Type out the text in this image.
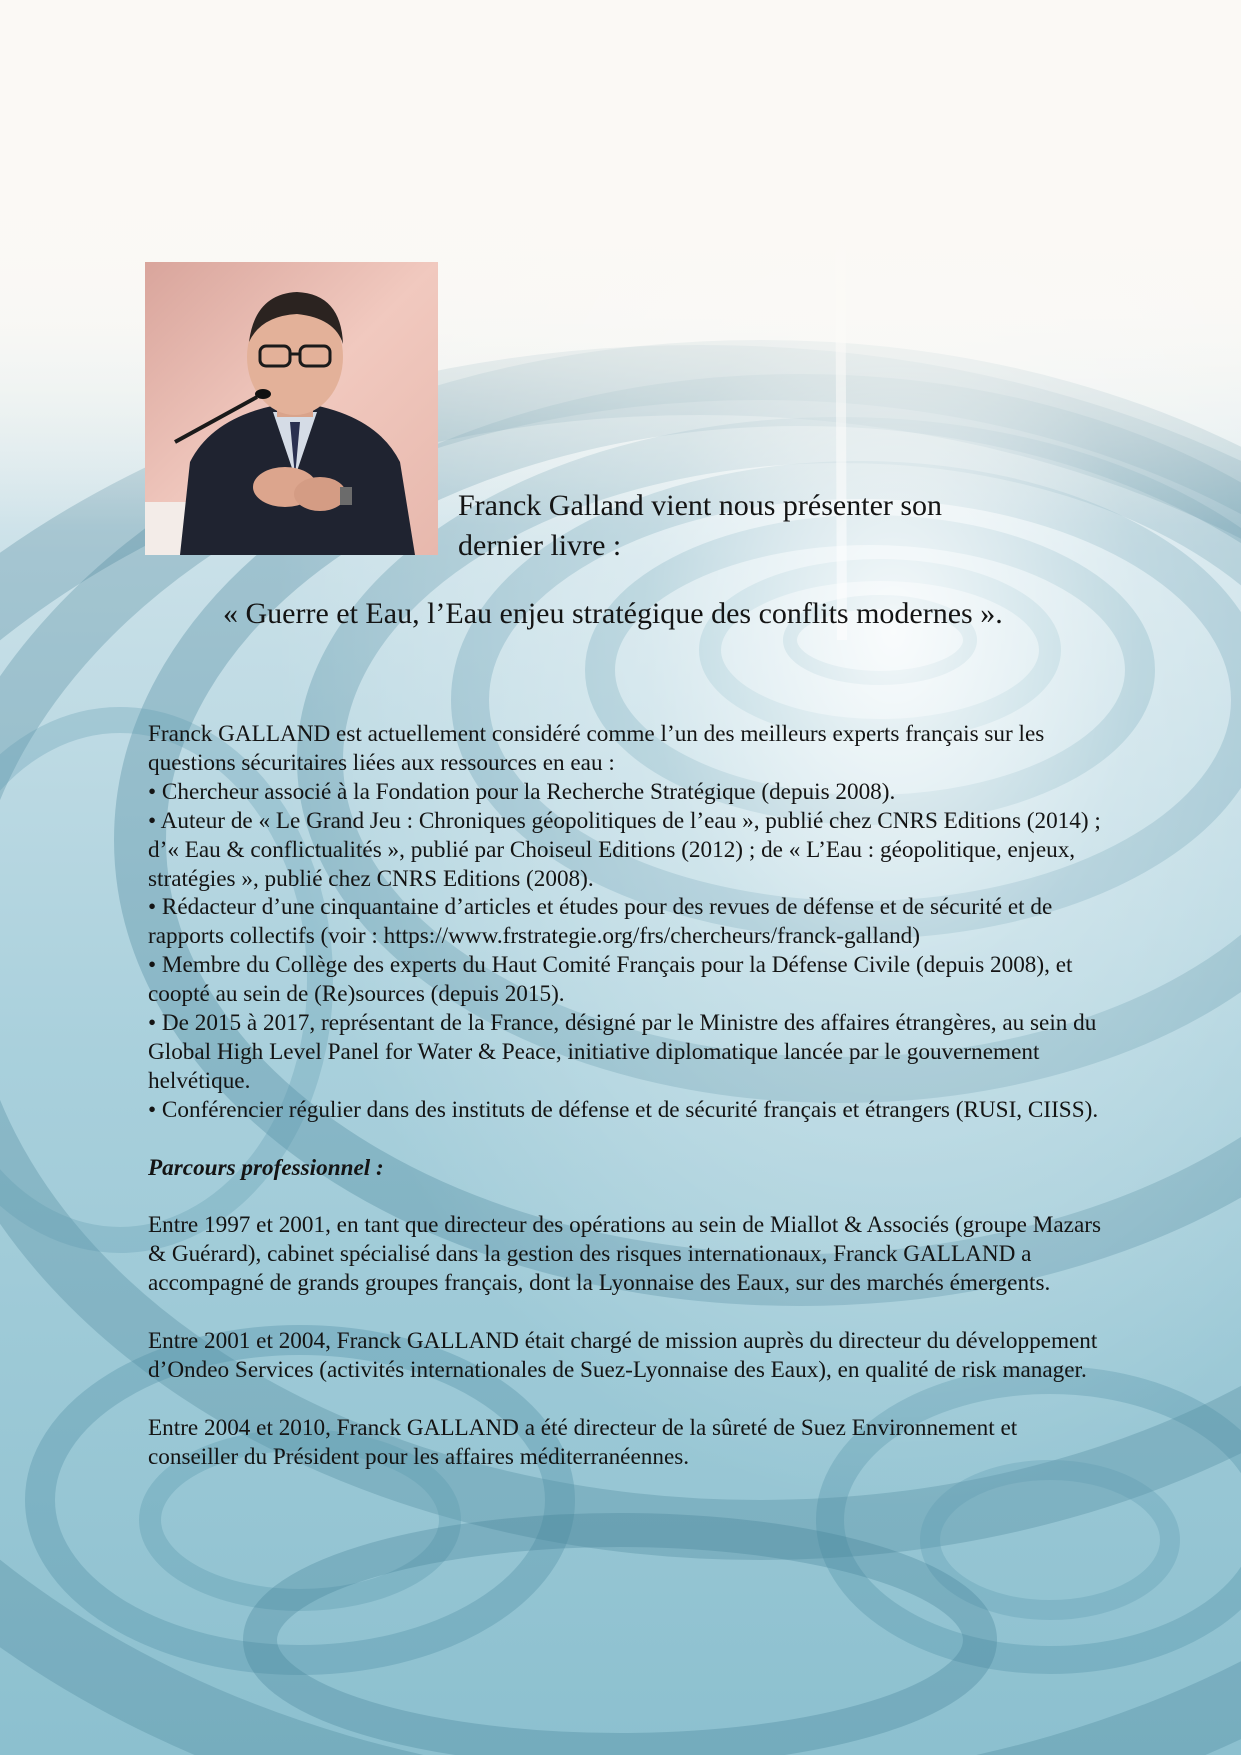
Franck Galland vient nous présenter son
dernier livre :
« Guerre et Eau, l’Eau enjeu stratégique des conflits modernes ».

Franck GALLAND est actuellement considéré comme l’un des meilleurs experts français sur les questions sécuritaires liées aux ressources en eau :

• Chercheur associé à la Fondation pour la Recherche Stratégique (depuis 2008).

• Auteur de « Le Grand Jeu : Chroniques géopolitiques de l’eau », publié chez CNRS Editions (2014) ; d’« Eau & conflictualités », publié par Choiseul Editions (2012) ; de « L’Eau : géopolitique, enjeux, stratégies », publié chez CNRS Editions (2008).

• Rédacteur d’une cinquantaine d’articles et études pour des revues de défense et de sécurité et de rapports collectifs (voir : https://www.frstrategie.org/frs/chercheurs/franck-galland)

• Membre du Collège des experts du Haut Comité Français pour la Défense Civile (depuis 2008), et coopté au sein de (Re)sources (depuis 2015).

• De 2015 à 2017, représentant de la France, désigné par le Ministre des affaires étrangères, au sein du Global High Level Panel for Water & Peace, initiative diplomatique lancée par le gouvernement helvétique.

• Conférencier régulier dans des instituts de défense et de sécurité français et étrangers (RUSI, CIISS).

Parcours professionnel :

Entre 1997 et 2001, en tant que directeur des opérations au sein de Miallot & Associés (groupe Mazars & Guérard), cabinet spécialisé dans la gestion des risques internationaux, Franck GALLAND a accompagné de grands groupes français, dont la Lyonnaise des Eaux, sur des marchés émergents.

Entre 2001 et 2004, Franck GALLAND était chargé de mission auprès du directeur du développement d’Ondeo Services (activités internationales de Suez-Lyonnaise des Eaux), en qualité de risk manager.

Entre 2004 et 2010, Franck GALLAND a été directeur de la sûreté de Suez Environnement et conseiller du Président pour les affaires méditerranéennes.
